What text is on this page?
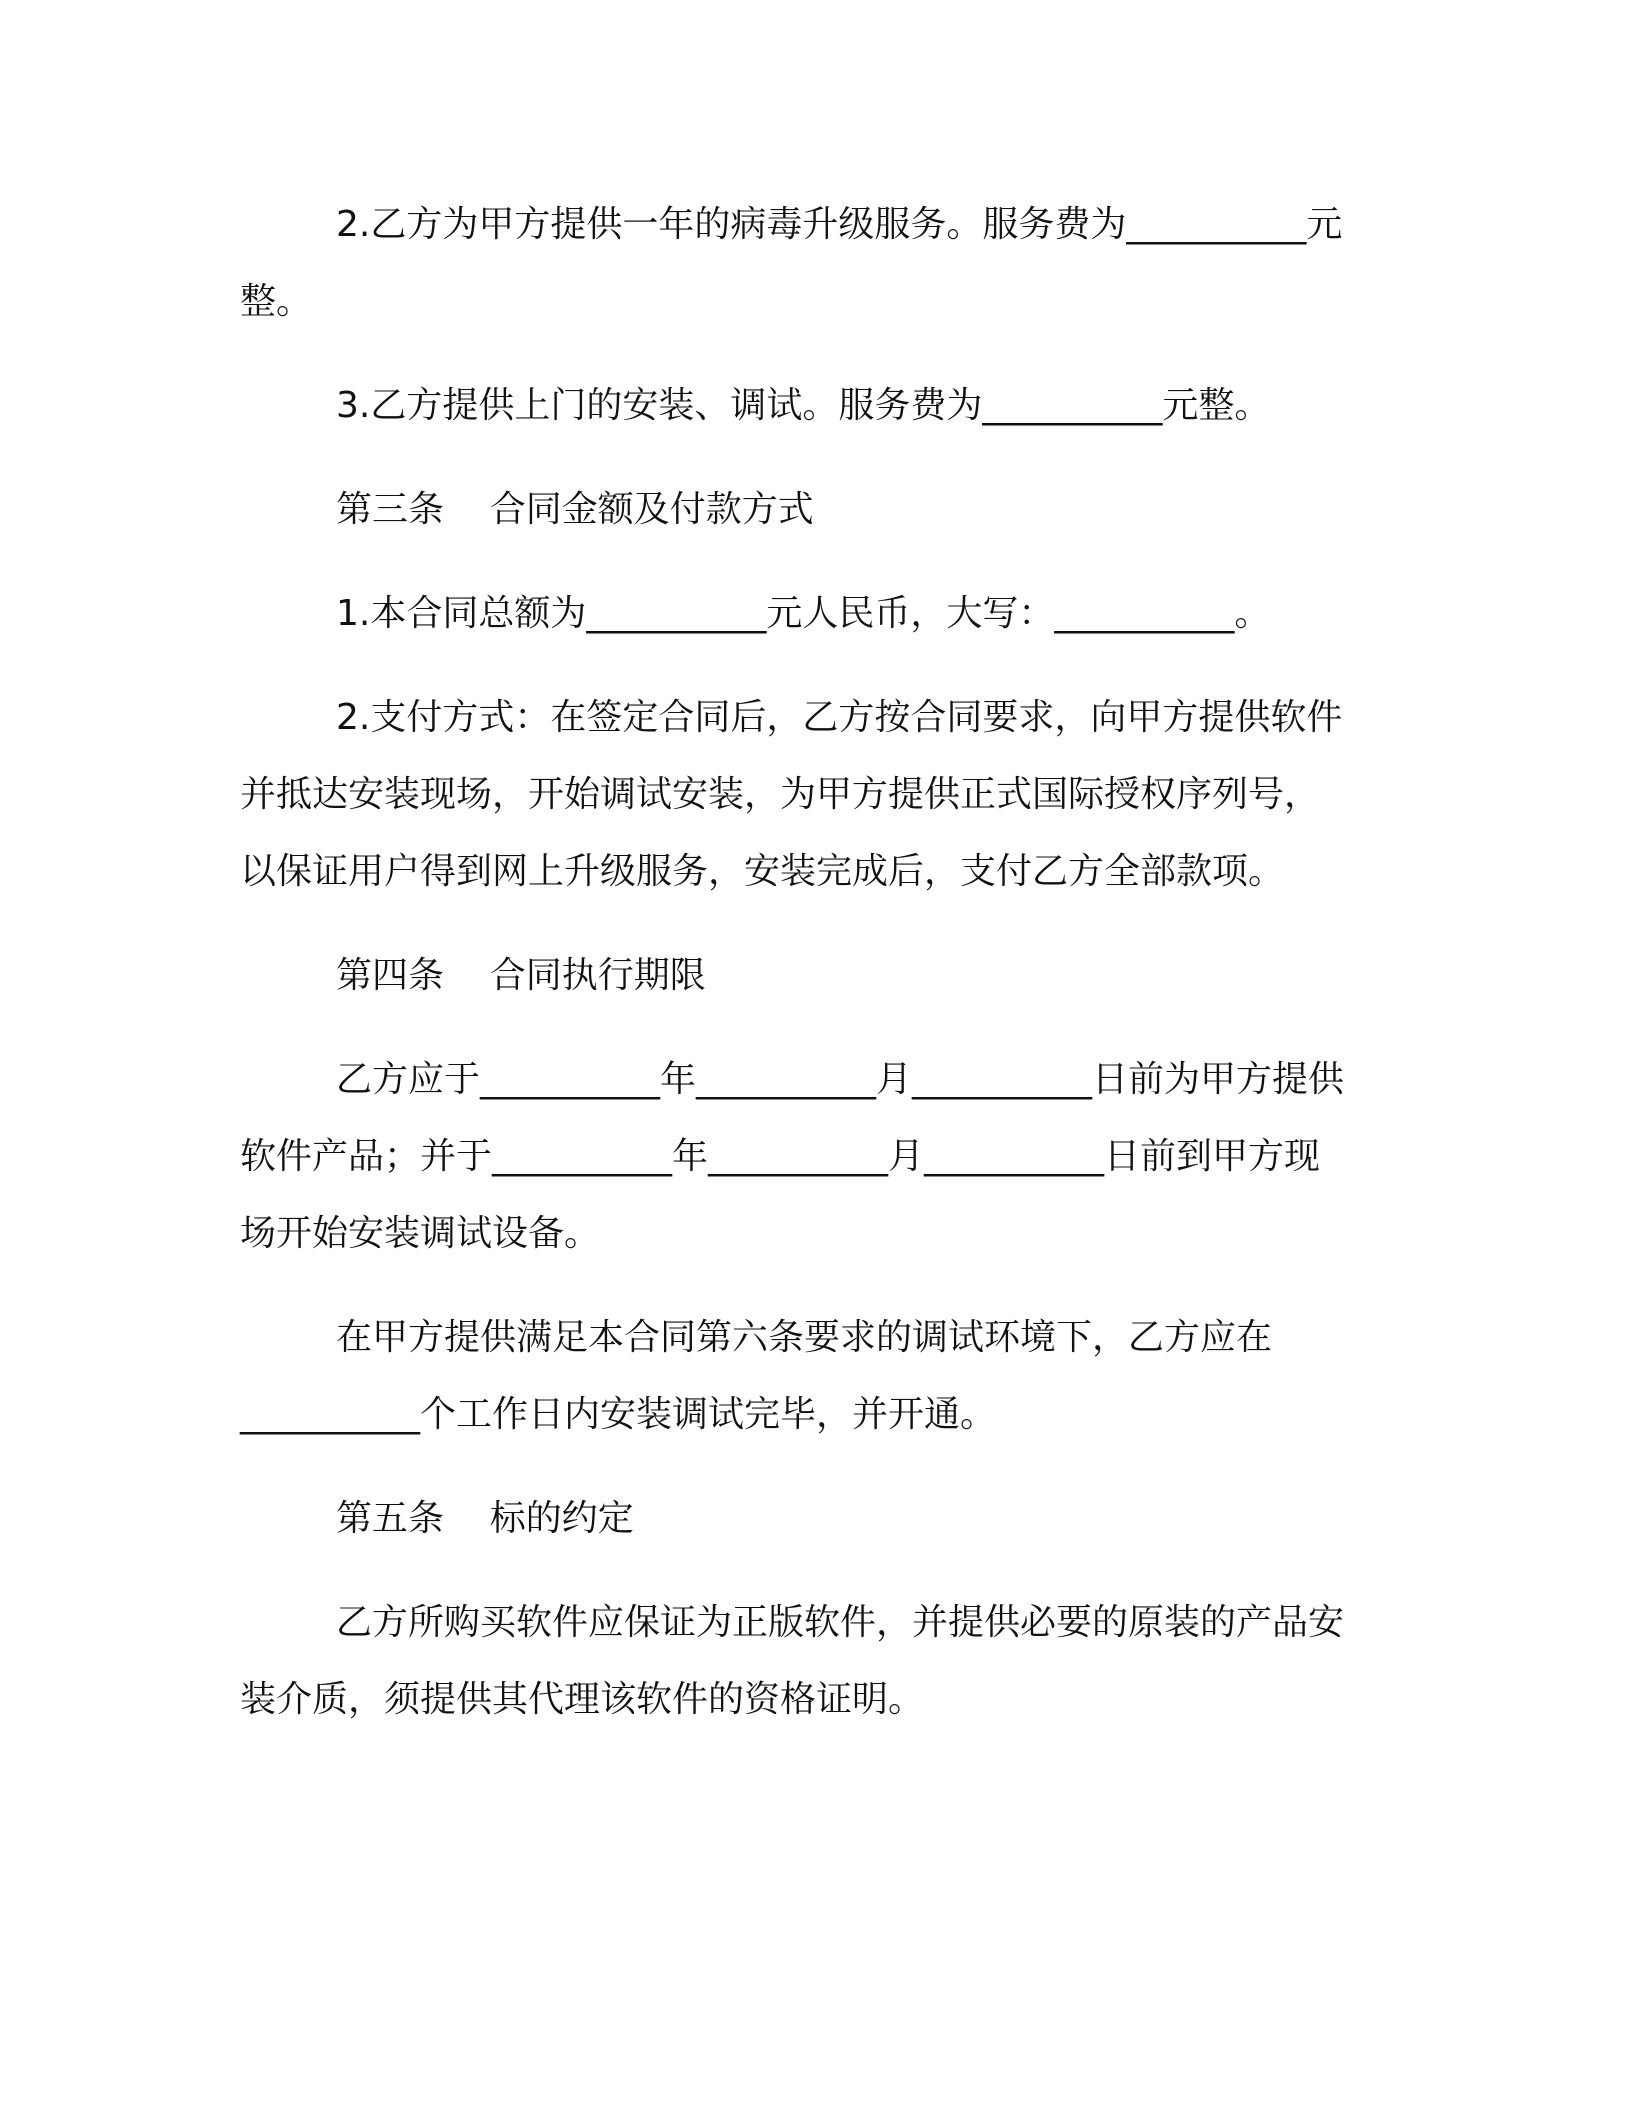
2.乙方为甲方提供一年的病毒升级服务。服务费为__________元
整。
3.乙方提供上门的安装、调试。服务费为__________元整。
第三条    合同金额及付款方式
1.本合同总额为__________元人民币，大写：__________。
2.支付方式：在签定合同后，乙方按合同要求，向甲方提供软件
并抵达安装现场，开始调试安装，为甲方提供正式国际授权序列号，
以保证用户得到网上升级服务，安装完成后，支付乙方全部款项。
第四条    合同执行期限
乙方应于__________年__________月__________日前为甲方提供
软件产品；并于__________年__________月__________日前到甲方现
场开始安装调试设备。
在甲方提供满足本合同第六条要求的调试环境下，乙方应在
__________个工作日内安装调试完毕，并开通。
第五条    标的约定
乙方所购买软件应保证为正版软件，并提供必要的原装的产品安
装介质，须提供其代理该软件的资格证明。
